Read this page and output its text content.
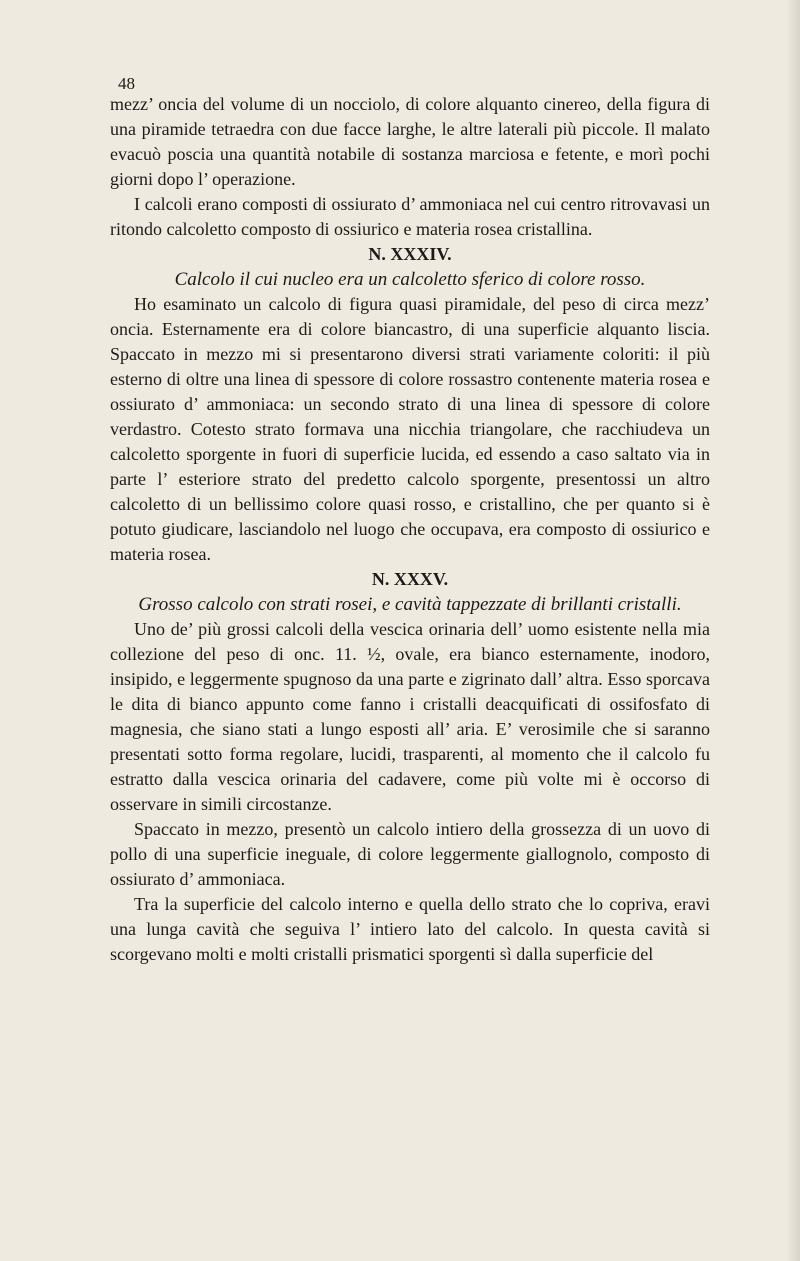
48

mezz’ oncia del volume di un nocciolo, di colore alquanto cinereo, della figura di una piramide tetraedra con due facce larghe, le altre laterali più piccole. Il malato evacuò poscia una quantità notabile di sostanza marciosa e fetente, e morì pochi giorni dopo l’ operazione.

I calcoli erano composti di ossiurato d’ ammoniaca nel cui centro ritrovavasi un ritondo calcoletto composto di ossiurico e materia rosea cristallina.

N. XXXIV.

Calcolo il cui nucleo era un calcoletto sferico di colore rosso.

Ho esaminato un calcolo di figura quasi piramidale, del peso di circa mezz’ oncia. Esternamente era di colore biancastro, di una superficie alquanto liscia. Spaccato in mezzo mi si presentarono diversi strati variamente coloriti: il più esterno di oltre una linea di spessore di colore rossastro contenente materia rosea e ossiurato d’ ammoniaca: un secondo strato di una linea di spessore di colore verdastro. Cotesto strato formava una nicchia triangolare, che racchiudeva un calcoletto sporgente in fuori di superficie lucida, ed essendo a caso saltato via in parte l’ esteriore strato del predetto calcolo sporgente, presentossi un altro calcoletto di un bellissimo colore quasi rosso, e cristallino, che per quanto si è potuto giudicare, lasciandolo nel luogo che occupava, era composto di ossiurico e materia rosea.

N. XXXV.

Grosso calcolo con strati rosei, e cavità tappezzate di brillanti cristalli.

Uno de’ più grossi calcoli della vescica orinaria dell’ uomo esistente nella mia collezione del peso di onc. 11. ½, ovale, era bianco esternamente, inodoro, insipido, e leggermente spugnoso da una parte e zigrinato dall’ altra. Esso sporcava le dita di bianco appunto come fanno i cristalli deacquificati di ossifosfato di magnesia, che siano stati a lungo esposti all’ aria. E’ verosimile che si saranno presentati sotto forma regolare, lucidi, trasparenti, al momento che il calcolo fu estratto dalla vescica orinaria del cadavere, come più volte mi è occorso di osservare in simili circostanze.

Spaccato in mezzo, presentò un calcolo intiero della grossezza di un uovo di pollo di una superficie ineguale, di colore leggermente giallognolo, composto di ossiurato d’ ammoniaca.

Tra la superficie del calcolo interno e quella dello strato che lo copriva, eravi una lunga cavità che seguiva l’ intiero lato del calcolo. In questa cavità si scorgevano molti e molti cristalli prismatici sporgenti sì dalla superficie del
